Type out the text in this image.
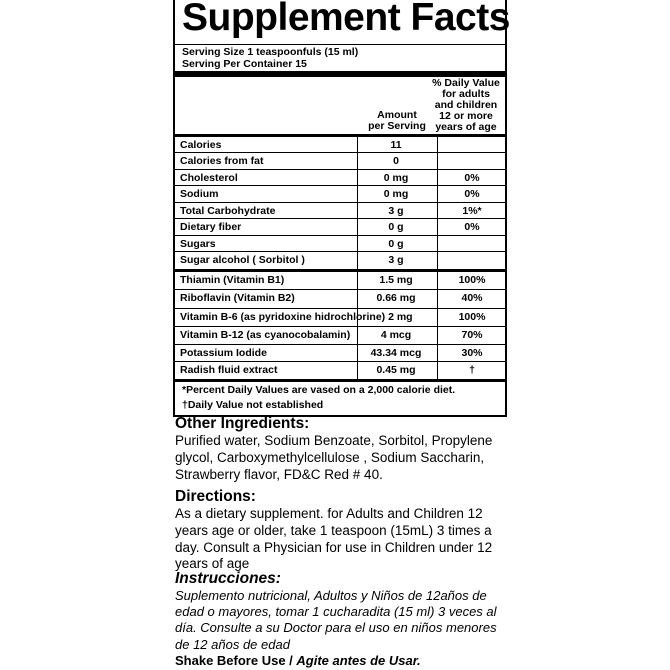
Supplement Facts
Serving Size 1 teaspoonfuls (15 ml)
Serving Per Container 15
Amount
per Serving
% Daily Value
for adults
and children
12 or more
years of age
Calories	11
Calories from fat	0
Cholesterol	0 mg	0%
Sodium	0 mg	0%
Total Carbohydrate	3 g	1%*
Dietary fiber	0 g	0%
Sugars	0 g
Sugar alcohol ( Sorbitol )	3 g
Thiamin (Vitamin B1)	1.5 mg	100%
Riboflavin (Vitamin B2)	0.66 mg	40%
Vitamin B-6 (as pyridoxine hidrochlorine) 2 mg	100%
Vitamin B-12 (as cyanocobalamin)	4 mcg	70%
Potassium Iodide	43.34 mcg	30%
Radish fluid extract	0.45 mg	†
*Percent Daily Values are vased on a 2,000 calorie diet.
†Daily Value not established
Other Ingredients:
Purified water, Sodium Benzoate, Sorbitol, Propylene
glycol, Carboxymethylcellulose , Sodium Saccharin,
Strawberry flavor, FD&C Red # 40.
Directions:
As a dietary supplement. for Adults and Children 12
years age or older, take 1 teaspoon (15mL) 3 times a
day. Consult a Physician for use in Children under 12
years of age
Instrucciones:
Suplemento nutricional, Adultos y Niños de 12años de
edad o mayores, tomar 1 cucharadita (15 ml) 3 veces al
día. Consulte a su Doctor para el uso en niños menores
de 12 años de edad
Shake Before Use / Agite antes de Usar.
